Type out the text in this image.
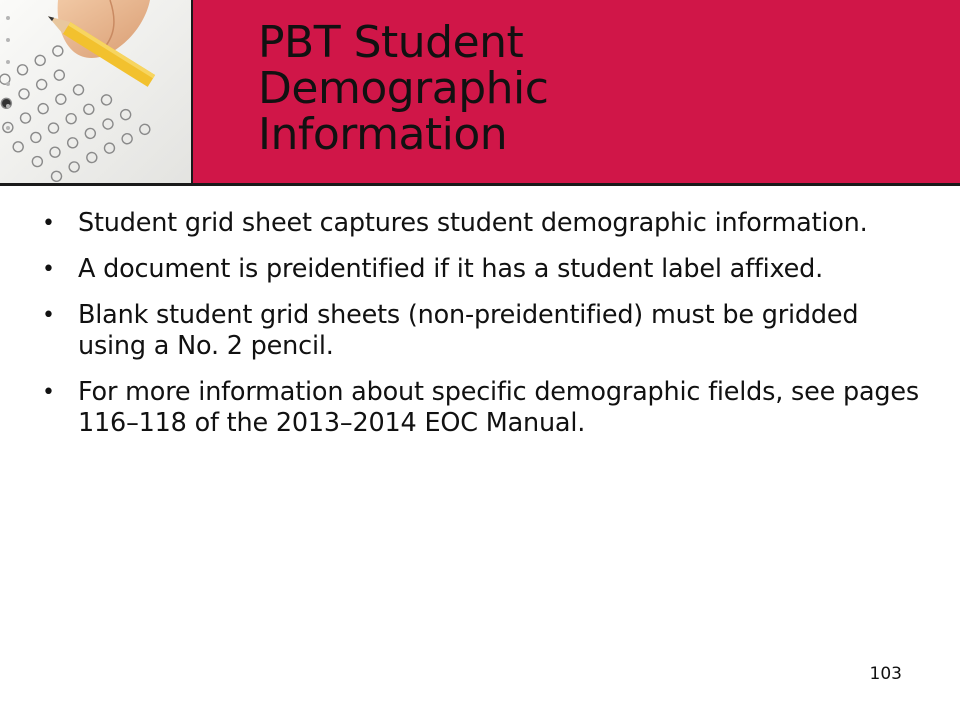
PBT Student
Demographic
Information
• Student grid sheet captures student demographic information.
• A document is preidentified if it has a student label affixed.
• Blank student grid sheets (non-preidentified) must be gridded using a No. 2 pencil.
• For more information about specific demographic fields, see pages 116–118 of the 2013–2014 EOC Manual.
103
